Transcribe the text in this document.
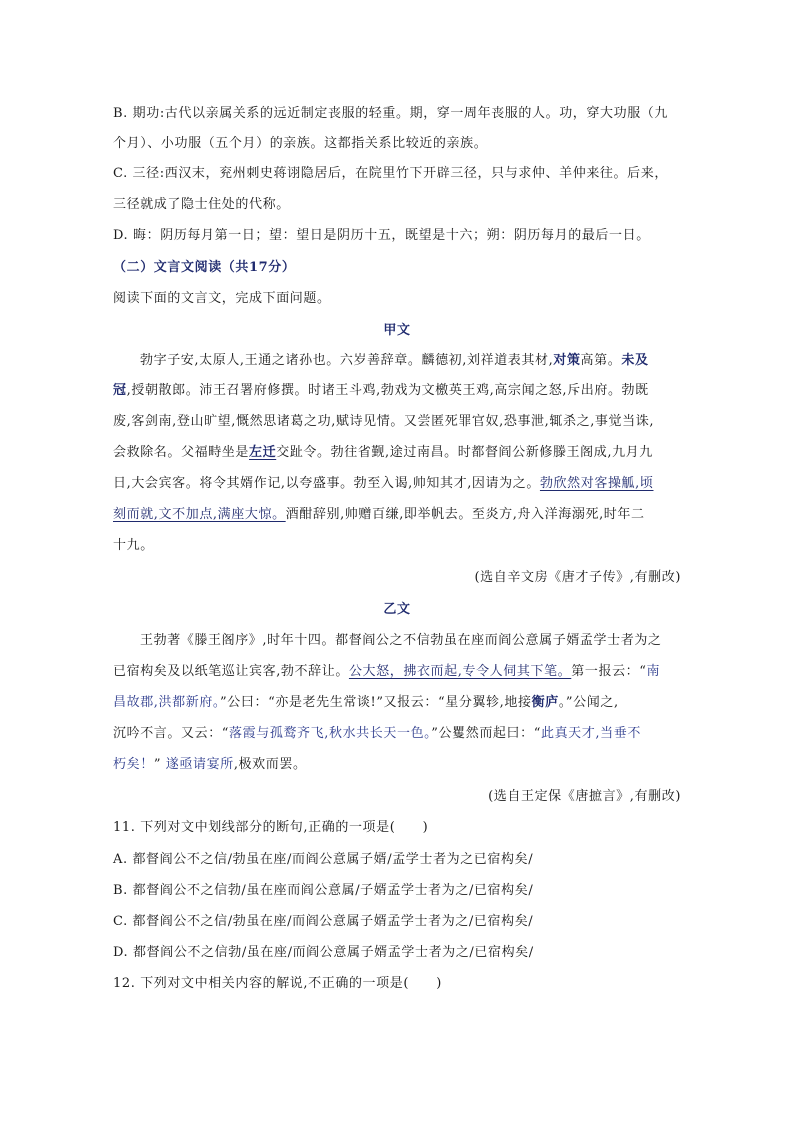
B. 期功:古代以亲属关系的远近制定丧服的轻重。期，穿一周年丧服的人。功，穿大功服（九
个月）、小功服（五个月）的亲族。这都指关系比较近的亲族。
C. 三径:西汉末，兖州刺史蒋诩隐居后，在院里竹下开辟三径，只与求仲、羊仲来往。后来，
三径就成了隐士住处的代称。
D. 晦：阴历每月第一日；望：望日是阴历十五，既望是十六；朔：阴历每月的最后一日。
（二）文言文阅读（共17分）
阅读下面的文言文，完成下面问题。
甲文
勃字子安,太原人,王通之诸孙也。六岁善辞章。麟德初,刘祥道表其材,对策高第。未及
冠,授朝散郎。沛王召署府修撰。时诸王斗鸡,勃戏为文檄英王鸡,高宗闻之怒,斥出府。勃既
废,客剑南,登山旷望,慨然思诸葛之功,赋诗见情。又尝匿死罪官奴,恐事泄,辄杀之,事觉当诛,
会救除名。父福畤坐是左迁交趾令。勃往省觐,途过南昌。时都督阎公新修滕王阁成,九月九
日,大会宾客。将令其婿作记,以夸盛事。勃至入谒,帅知其才,因请为之。勃欣然对客操觚,顷
刻而就,文不加点,满座大惊。酒酣辞别,帅赠百缣,即举帆去。至炎方,舟入洋海溺死,时年二
十九。
(选自辛文房《唐才子传》,有删改)
乙文
王勃著《滕王阁序》,时年十四。都督阎公之不信勃虽在座而阎公意属子婿孟学士者为之
已宿构矣及以纸笔巡让宾客,勃不辞让。公大怒，拂衣而起,专令人伺其下笔。第一报云：“南
昌故郡,洪都新府。”公曰：“亦是老先生常谈!”又报云：“星分翼轸,地接衡庐。”公闻之,
沉吟不言。又云：“落霞与孤鹜齐飞,秋水共长天一色。”公矍然而起曰：“此真天才,当垂不
朽矣！” 遂亟请宴所,极欢而罢。
(选自王定保《唐摭言》,有删改)
11. 下列对文中划线部分的断句,正确的一项是(　　)
A. 都督阎公不之信/勃虽在座/而阎公意属子婿/孟学士者为之已宿构矣/
B. 都督阎公不之信勃/虽在座而阎公意属/子婿孟学士者为之/已宿构矣/
C. 都督阎公不之信/勃虽在座/而阎公意属子婿孟学士者为之/已宿构矣/
D. 都督阎公不之信勃/虽在座/而阎公意属子婿孟学士者为之/已宿构矣/
12. 下列对文中相关内容的解说,不正确的一项是(　　)
